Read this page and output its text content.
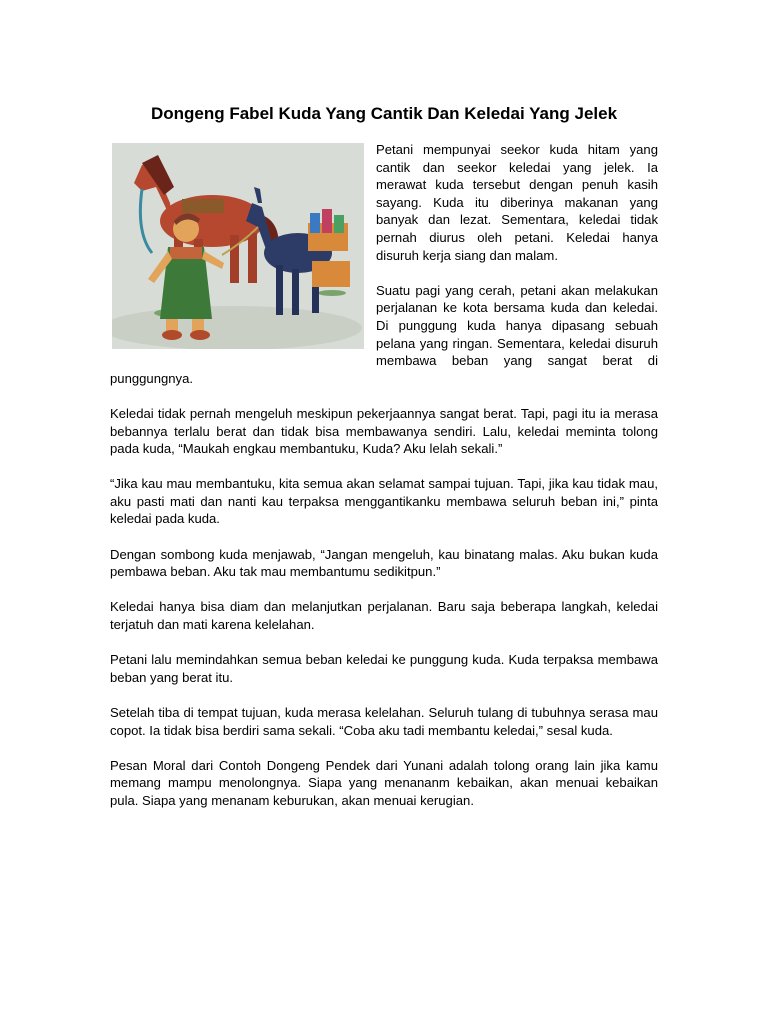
Dongeng Fabel Kuda Yang Cantik Dan Keledai Yang Jelek

Petani mempunyai seekor kuda hitam yang cantik dan seekor keledai yang jelek. Ia merawat kuda tersebut dengan penuh kasih sayang. Kuda itu diberinya makanan yang banyak dan lezat. Sementara, keledai tidak pernah diurus oleh petani. Keledai hanya disuruh kerja siang dan malam.

Suatu pagi yang cerah, petani akan melakukan perjalanan ke kota bersama kuda dan keledai. Di punggung kuda hanya dipasang sebuah pelana yang ringan. Sementara, keledai disuruh membawa beban yang sangat berat di punggungnya.

Keledai tidak pernah mengeluh meskipun pekerjaannya sangat berat. Tapi, pagi itu ia merasa bebannya terlalu berat dan tidak bisa membawanya sendiri. Lalu, keledai meminta tolong pada kuda, “Maukah engkau membantuku, Kuda? Aku lelah sekali.”

“Jika kau mau membantuku, kita semua akan selamat sampai tujuan. Tapi, jika kau tidak mau, aku pasti mati dan nanti kau terpaksa menggantikanku membawa seluruh beban ini,” pinta keledai pada kuda.

Dengan sombong kuda menjawab, “Jangan mengeluh, kau binatang malas. Aku bukan kuda pembawa beban. Aku tak mau membantumu sedikitpun.”

Keledai hanya bisa diam dan melanjutkan perjalanan. Baru saja beberapa langkah, keledai terjatuh dan mati karena kelelahan.

Petani lalu memindahkan semua beban keledai ke punggung kuda. Kuda terpaksa membawa beban yang berat itu.

Setelah tiba di tempat tujuan, kuda merasa kelelahan. Seluruh tulang di tubuhnya serasa mau copot. Ia tidak bisa berdiri sama sekali. “Coba aku tadi membantu keledai,” sesal kuda.

Pesan Moral dari Contoh Dongeng Pendek dari Yunani adalah tolong orang lain jika kamu memang mampu menolongnya. Siapa yang menananm kebaikan, akan menuai kebaikan pula. Siapa yang menanam keburukan, akan menuai kerugian.
